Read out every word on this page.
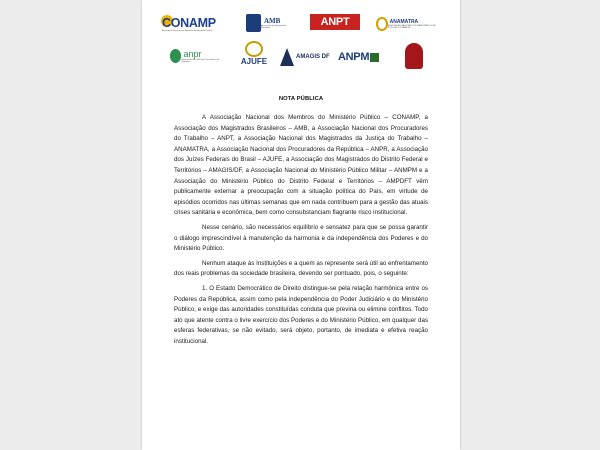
CONAMP
Associação Nacional dos Membros do Ministério Público
AMB
Associação dos Magistrados Brasileiros	ANPT	ANAMATRA
ASSOCIAÇÃO NACIONAL DOS MAGISTRADOS DA JUSTIÇA DO TRABALHO
anpr
Associação Nacional dos Procuradores da República	AJUFE	AMAGIS DF ANPM
NOTA PÚBLICA

A Associação Nacional dos Membros do Ministério Público – CONAMP, a Associação dos Magistrados Brasileiros – AMB, a Associação Nacional dos Procuradores do Trabalho – ANPT, a Associação Nacional dos Magistrados da Justiça do Trabalho – ANAMATRA, a Associação Nacional dos Procuradores da República – ANPR, a Associação dos Juízes Federais do Brasil – AJUFE, a Associação dos Magistrados do Distrito Federal e Territórios – AMAGIS/DF, a Associação Nacional do Ministério Público Militar – ANMPM e a Associação do Ministério Público do Distrito Federal e Territórios – AMPDFT vêm publicamente externar a preocupação com a situação política do País, em virtude de episódios ocorridos nas últimas semanas que em nada contribuem para a gestão das atuais crises sanitária e econômica, bem como consubstanciam flagrante risco institucional.

Nesse cenário, são necessários equilíbrio e sensatez para que se possa garantir o diálogo imprescindível à manutenção da harmonia e da independência dos Poderes e do Ministério Público.

Nenhum ataque às Instituições e a quem as represente será útil ao enfrentamento dos reais problemas da sociedade brasileira, devendo ser pontuado, pois, o seguinte:

1. O Estado Democrático de Direito distingue-se pela relação harmônica entre os Poderes da República, assim como pela independência do Poder Judiciário e do Ministério Público, e exige das autoridades constituídas conduta que previna ou elimine conflitos. Todo ato que atente contra o livre exercício dos Poderes e do Ministério Público, em qualquer das esferas federativas, se não evitado, será objeto, portanto, de imediata e efetiva reação institucional.
